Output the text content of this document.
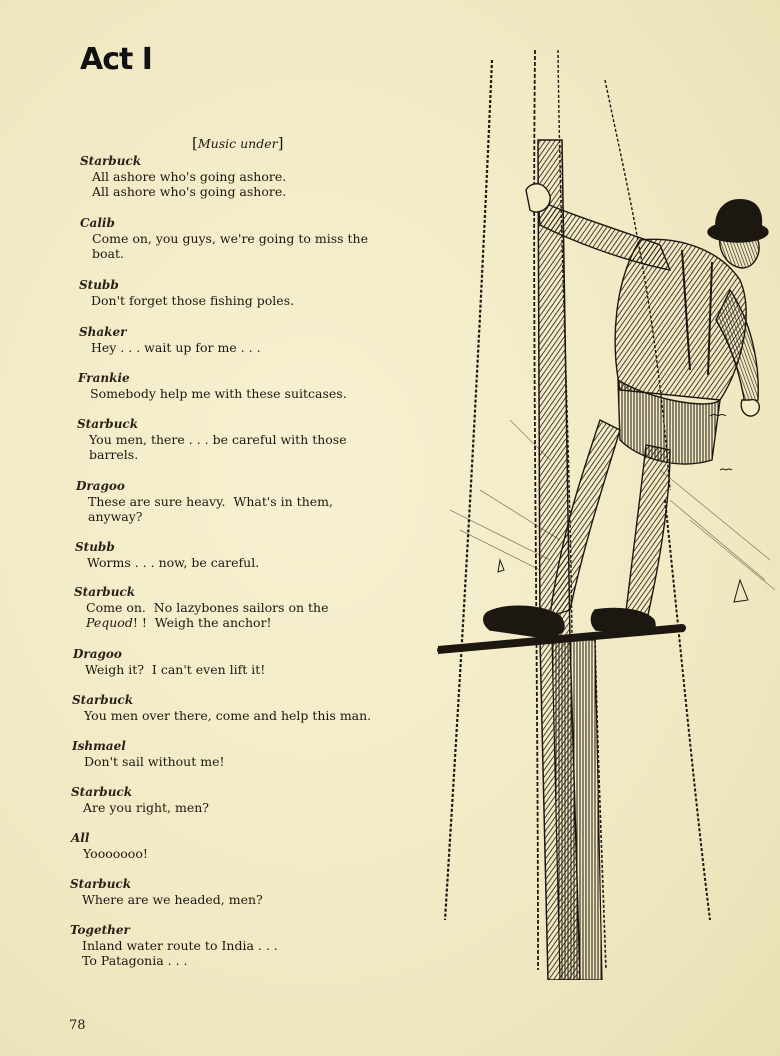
Act I
[Music under]

Starbuck

All ashore who's going ashore.

All ashore who's going ashore.

Calib

Come on, you guys, we're going to miss the

boat.

Stubb

Don't forget those fishing poles.

Shaker

Hey . . . wait up for me . . .

Frankie

Somebody help me with these suitcases.

Starbuck

You men, there . . . be careful with those

barrels.

Dragoo

These are sure heavy.  What's in them,

anyway?

Stubb

Worms . . . now, be careful.

Starbuck

Come on.  No lazybones sailors on the

Pequod! !  Weigh the anchor!

Dragoo

Weigh it?  I can't even lift it!

Starbuck

You men over there, come and help this man.

Ishmael

Don't sail without me!

Starbuck

Are you right, men?

All

Yooooooo!

Starbuck

Where are we headed, men?

Together

Inland water route to India . . .

To Patagonia . . .

78
